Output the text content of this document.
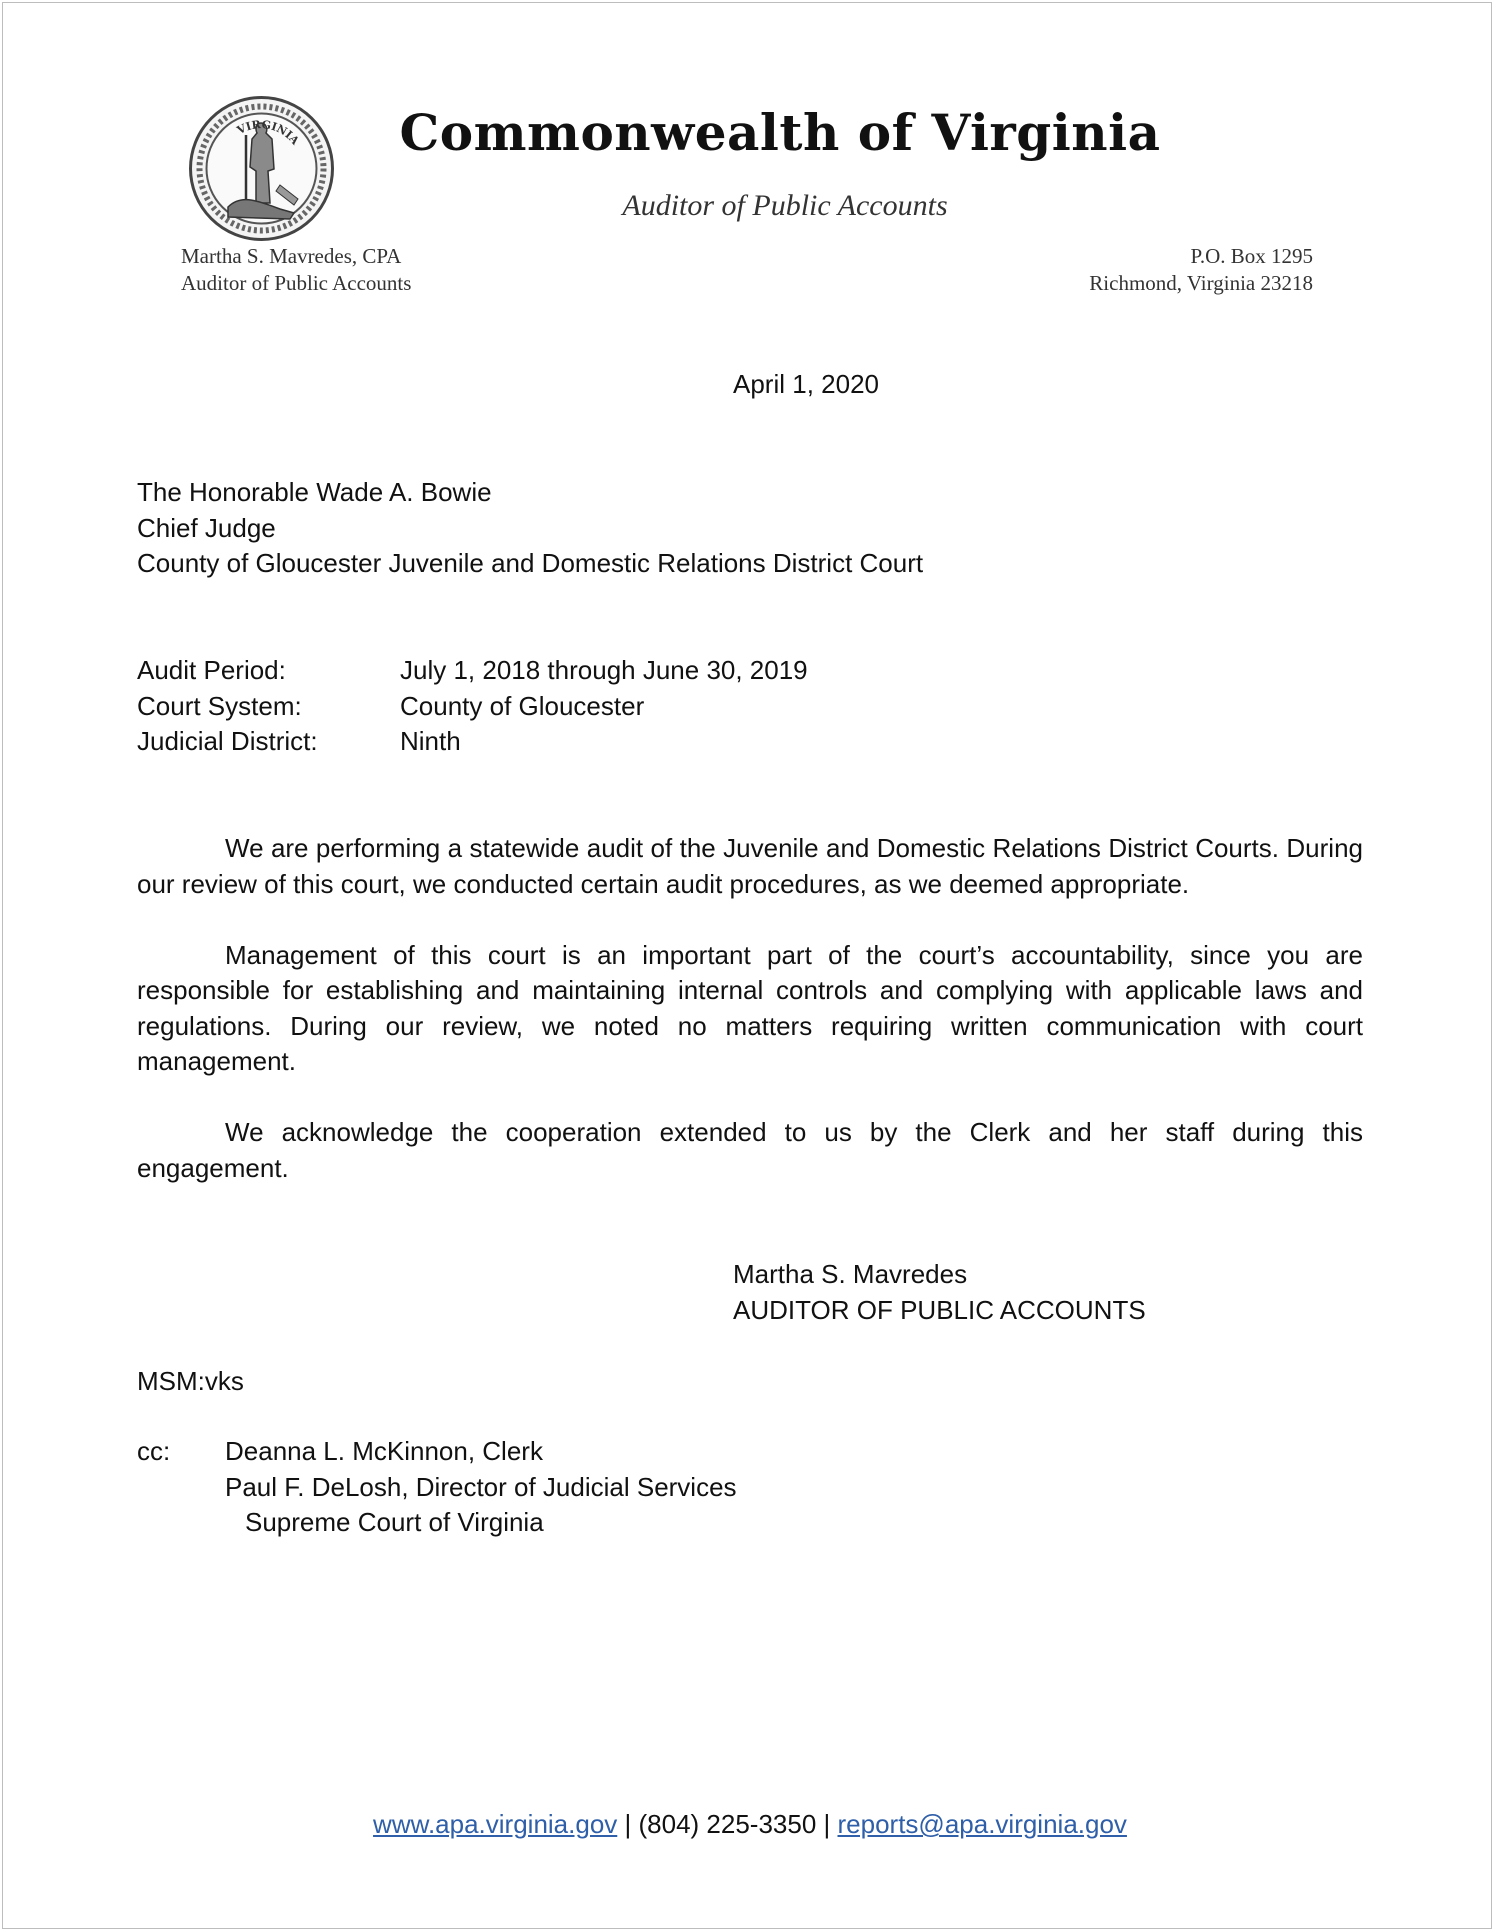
VIRGINIA	Commonwealth of Virginia
Auditor of Public Accounts
Martha S. Mavredes, CPA
Auditor of Public Accounts
P.O. Box 1295
Richmond, Virginia 23218
April 1, 2020
The Honorable Wade A. Bowie
Chief Judge
County of Gloucester Juvenile and Domestic Relations District Court
Audit Period:	July 1, 2018 through June 30, 2019
Court System:	County of Gloucester
Judicial District:	Ninth

We are performing a statewide audit of the Juvenile and Domestic Relations District Courts. During our review of this court, we conducted certain audit procedures, as we deemed appropriate.

Management of this court is an important part of the court’s accountability, since you are responsible for establishing and maintaining internal controls and complying with applicable laws and regulations. During our review, we noted no matters requiring written communication with court management.

We acknowledge the cooperation extended to us by the Clerk and her staff during this engagement.

Martha S. Mavredes
AUDITOR OF PUBLIC ACCOUNTS
MSM:vks
cc:	Deanna L. McKinnon, Clerk
Paul F. DeLosh, Director of Judicial Services
Supreme Court of Virginia
www.apa.virginia.gov | (804) 225-3350 | reports@apa.virginia.gov
